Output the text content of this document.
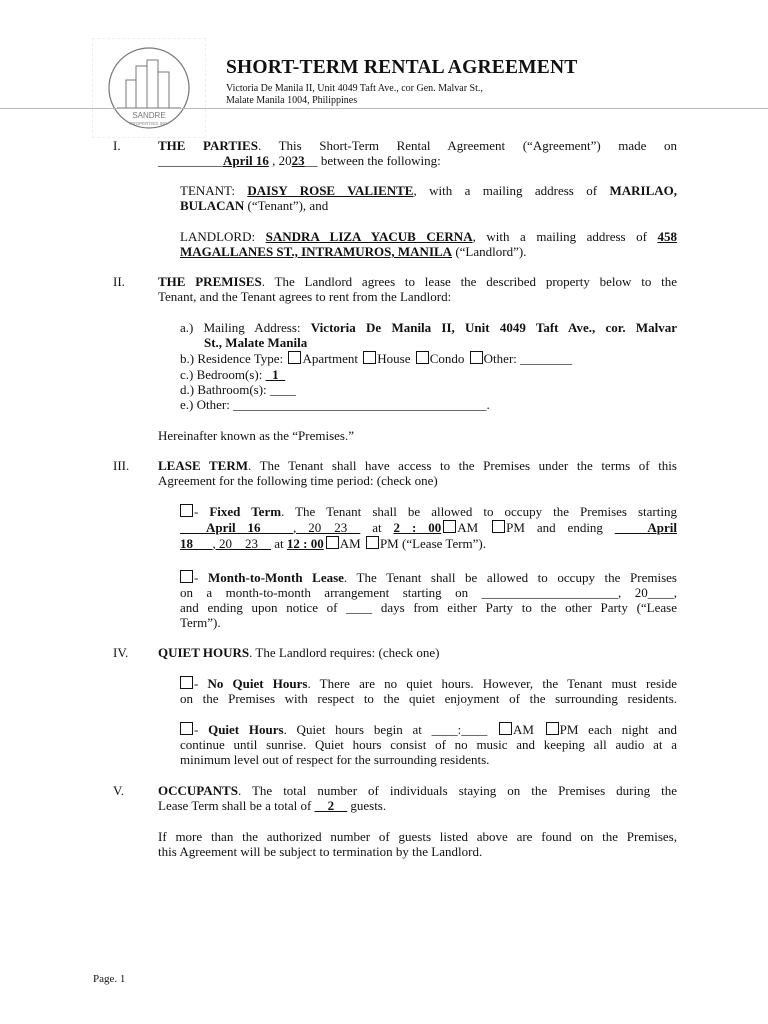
SANDRE
PROPERTIES INC.
SHORT-TERM RENTAL AGREEMENT
Victoria De Manila II, Unit 4049 Taft Ave., cor Gen. Malvar St.,
Malate Manila 1004, Philippines
I.	THE PARTIES. This Short-Term Rental Agreement (“Agreement”) made on
__________April 16 , 2023__ between the following:
TENANT: DAISY ROSE VALIENTE, with a mailing address of MARILAO,
BULACAN (“Tenant”), and
LANDLORD: SANDRA LIZA YACUB CERNA, with a mailing address of 458
MAGALLANES ST., INTRAMUROS, MANILA (“Landlord”).
II.	THE PREMISES. The Landlord agrees to lease the described property below to the
Tenant, and the Tenant agrees to rent from the Landlord:
a.) Mailing Address: Victoria De Manila II, Unit 4049 Taft Ave., cor. Malvar
St., Malate Manila
b.) Residence Type: Apartment House Condo Other: ________
c.) Bedroom(s): _1_
d.) Bathroom(s): ____
e.) Other: _______________________________________.
Hereinafter known as the “Premises.”
III. LEASE TERM. The Tenant shall have access to the Premises under the terms of this
Agreement for the following time period: (check one)
- Fixed Term. The Tenant shall be allowed to occupy the Premises starting
____April 16_____, 20__23__ at 2 : 00 AM PM and ending _____April
18___, 20__23__ at 12 : 00 AM PM (“Lease Term”).
- Month-to-Month Lease. The Tenant shall be allowed to occupy the Premises
on a month-to-month arrangement starting on _____________________, 20____,
and ending upon notice of ____ days from either Party to the other Party (“Lease
Term”).
IV. QUIET HOURS. The Landlord requires: (check one)
- No Quiet Hours. There are no quiet hours. However, the Tenant must reside
on the Premises with respect to the quiet enjoyment of the surrounding residents.
- Quiet Hours. Quiet hours begin at ____:____ AM PM each night and
continue until sunrise. Quiet hours consist of no music and keeping all audio at a
minimum level out of respect for the surrounding residents.
V.	OCCUPANTS. The total number of individuals staying on the Premises during the
Lease Term shall be a total of __2__ guests.
If more than the authorized number of guests listed above are found on the Premises,
this Agreement will be subject to termination by the Landlord.
Page. 1
